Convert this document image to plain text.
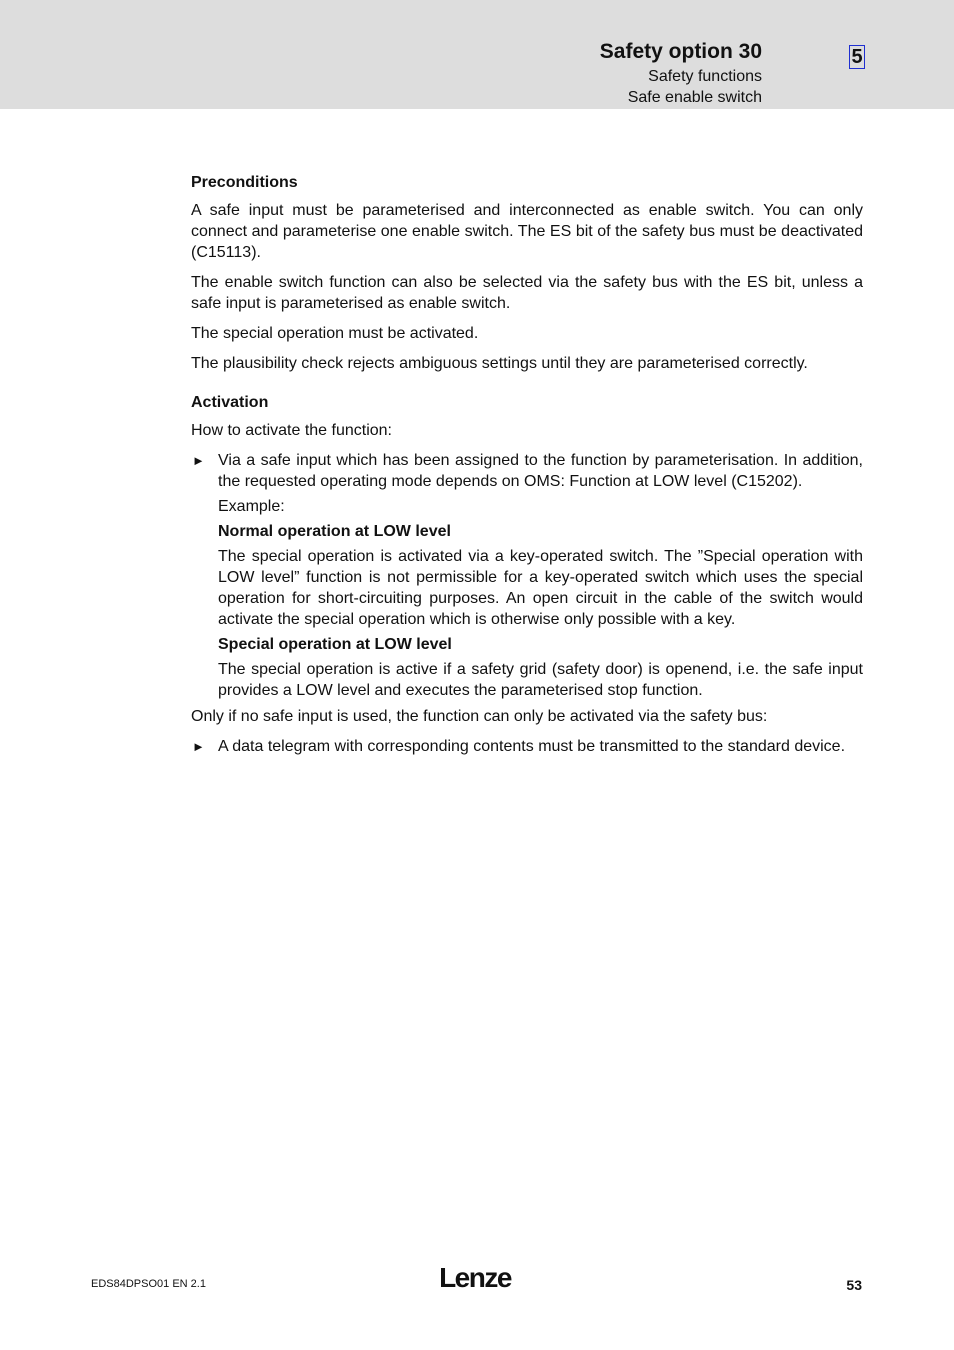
Safety option 30
Safety functions
Safe enable switch
5
Preconditions

A safe input must be parameterised and interconnected as enable switch. You can only connect and parameterise one enable switch. The ES bit of the safety bus must be deactivated (C15113).

The enable switch function can also be selected via the safety bus with the ES bit, unless a safe input is parameterised as enable switch.

The special operation must be activated.

The plausibility check rejects ambiguous settings until they are parameterised correctly.

Activation

How to activate the function:

► Via a safe input which has been assigned to the function by parameterisation. In addition, the requested operating mode depends on OMS: Function at LOW level (C15202).

Example:

Normal operation at LOW level

The special operation is activated via a key-operated switch. The ”Special operation with LOW level” function is not permissible for a key-operated switch which uses the special operation for short-circuiting purposes. An open circuit in the cable of the switch would activate the special operation which is otherwise only possible with a key.

Special operation at LOW level

The special operation is active if a safety grid (safety door) is openend, i.e. the safe input provides a LOW level and executes the parameterised stop function.

Only if no safe input is used, the function can only be activated via the safety bus:

► A data telegram with corresponding contents must be transmitted to the standard device.

EDS84DPSO01 EN 2.1	Lenze	53
